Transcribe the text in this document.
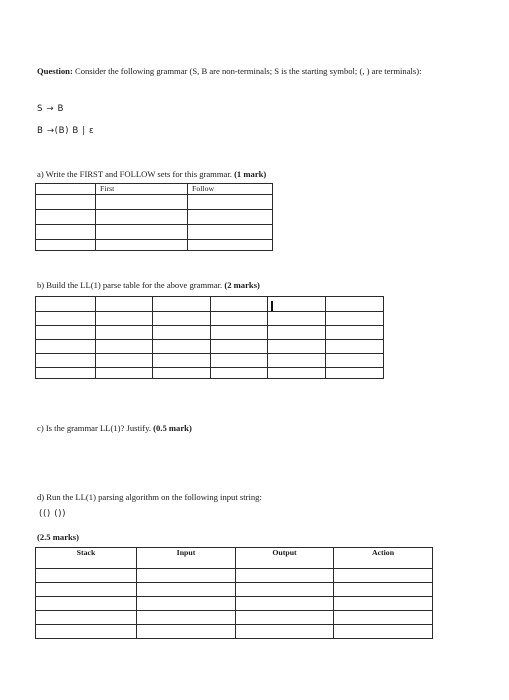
Question: Consider the following grammar (S, B are non-terminals; S is the starting symbol; (, ) are terminals):
S → B
B →(B) B | ε
a) Write the FIRST and FOLLOW sets for this grammar. (1 mark)
	First	Follow

b) Build the LL(1) parse table for the above grammar. (2 marks)

c) Is the grammar LL(1)? Justify. (0.5 mark)
d) Run the LL(1) parsing algorithm on the following input string:
(() ())
(2.5 marks)
Stack	Input	Output	Action
